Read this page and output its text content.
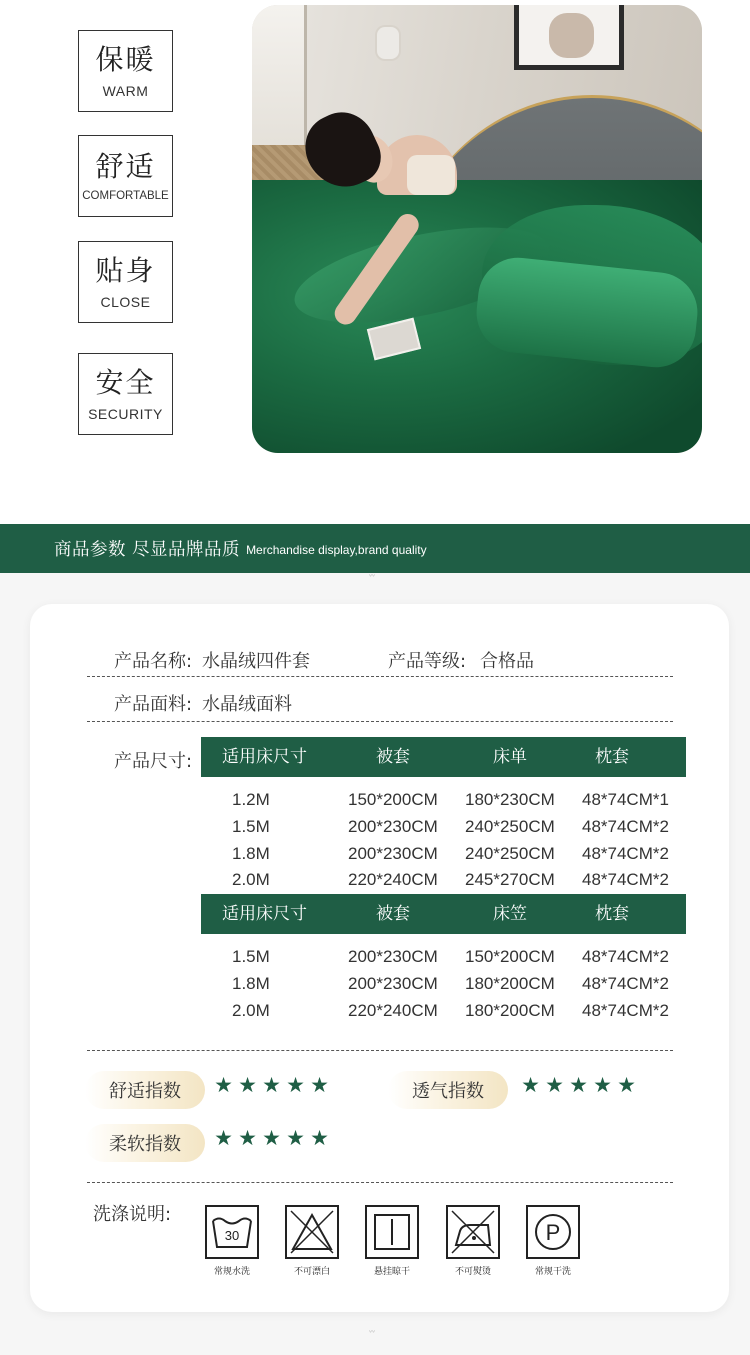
保暖
WARM
舒适
COMFORTABLE
贴身
CLOSE
安全
SECURITY
商品参数 尽显品牌品质 Merchandise display,brand quality
˅˅
˅˅
产品名称: 水晶绒四件套	产品等级: 合格品
产品面料: 水晶绒面料
产品尺寸: 适用床尺寸	被套	床单	枕套
1.2M	150*200CM 180*230CM 48*74CM*1
1.5M	200*230CM 240*250CM 48*74CM*2
1.8M	200*230CM 240*250CM 48*74CM*2
2.0M	220*240CM 245*270CM 48*74CM*2
适用床尺寸	被套	床笠	枕套
1.5M	200*230CM 150*200CM 48*74CM*2
1.8M	200*230CM 180*200CM 48*74CM*2
2.0M	220*240CM 180*200CM 48*74CM*2
舒适指数 ★ ★ ★ ★ ★	透气指数 ★ ★ ★ ★ ★
柔软指数 ★ ★ ★ ★ ★
洗涤说明:
30	P
常规水洗	不可漂白	悬挂晾干	不可熨烫	常规干洗
